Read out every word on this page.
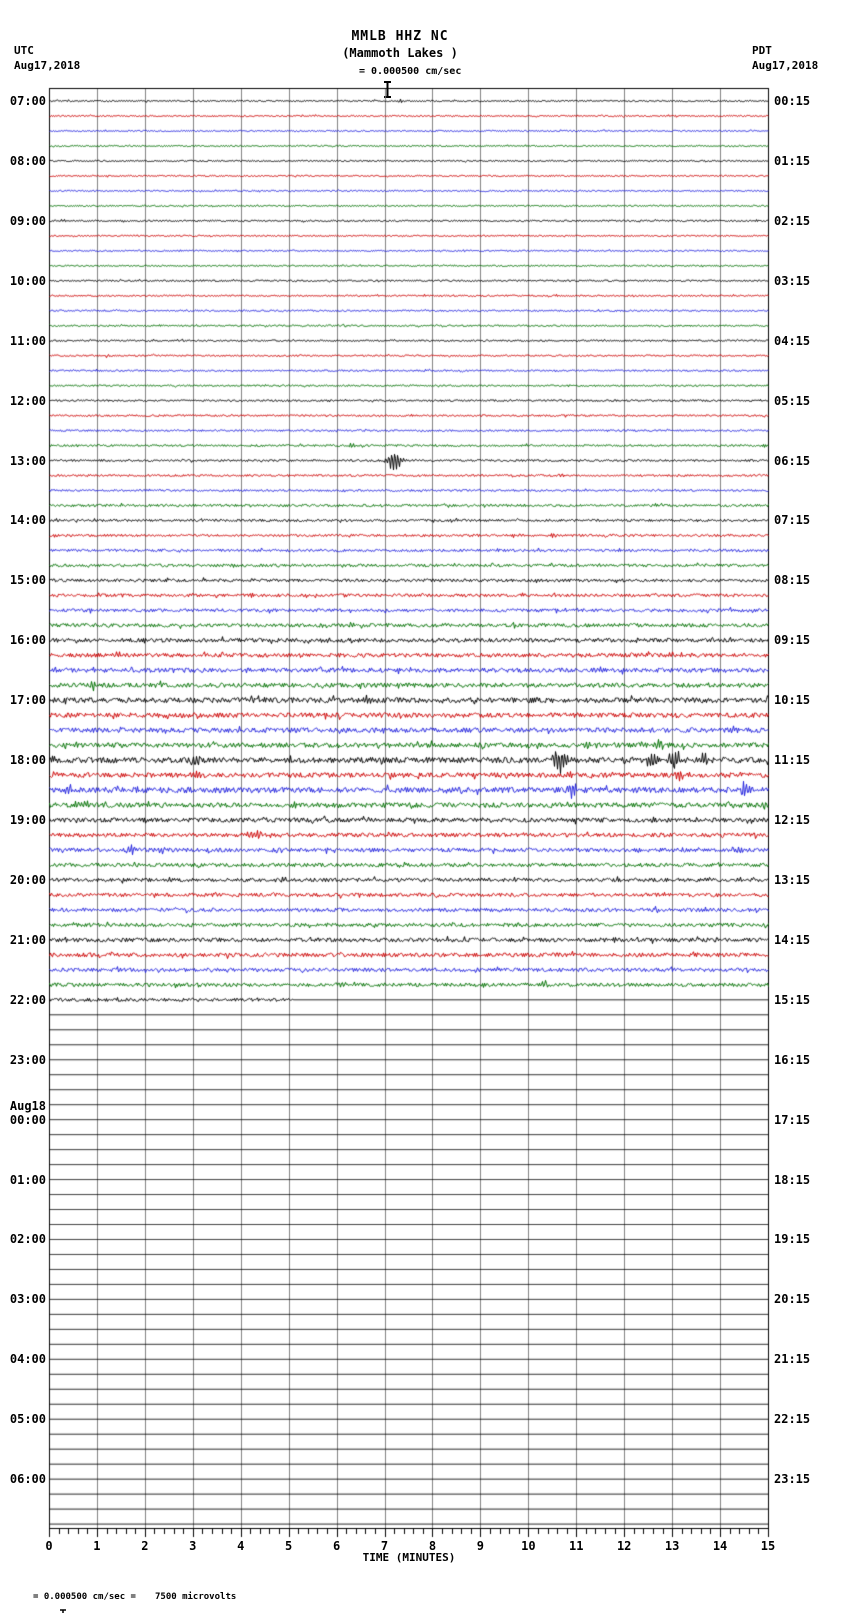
07:00
08:00
09:00
10:00
11:00
12:00
13:00
14:00
15:00
16:00
17:00
18:00
19:00
20:00
21:00
22:00
23:00
Aug18
00:00
01:00
02:00
03:00
04:00
05:00
06:00
00:15
01:15
02:15
03:15
04:15
05:15
06:15
07:15
08:15
09:15
10:15
11:15
12:15
13:15
14:15
15:15
16:15
17:15
18:15
19:15
20:15
21:15
22:15
23:15
0	1	2	3	4	5	6	7	8	9	10	11	12	13	14	15
TIME (MINUTES)

= 0.000500 cm/sec = 7500 microvolts
